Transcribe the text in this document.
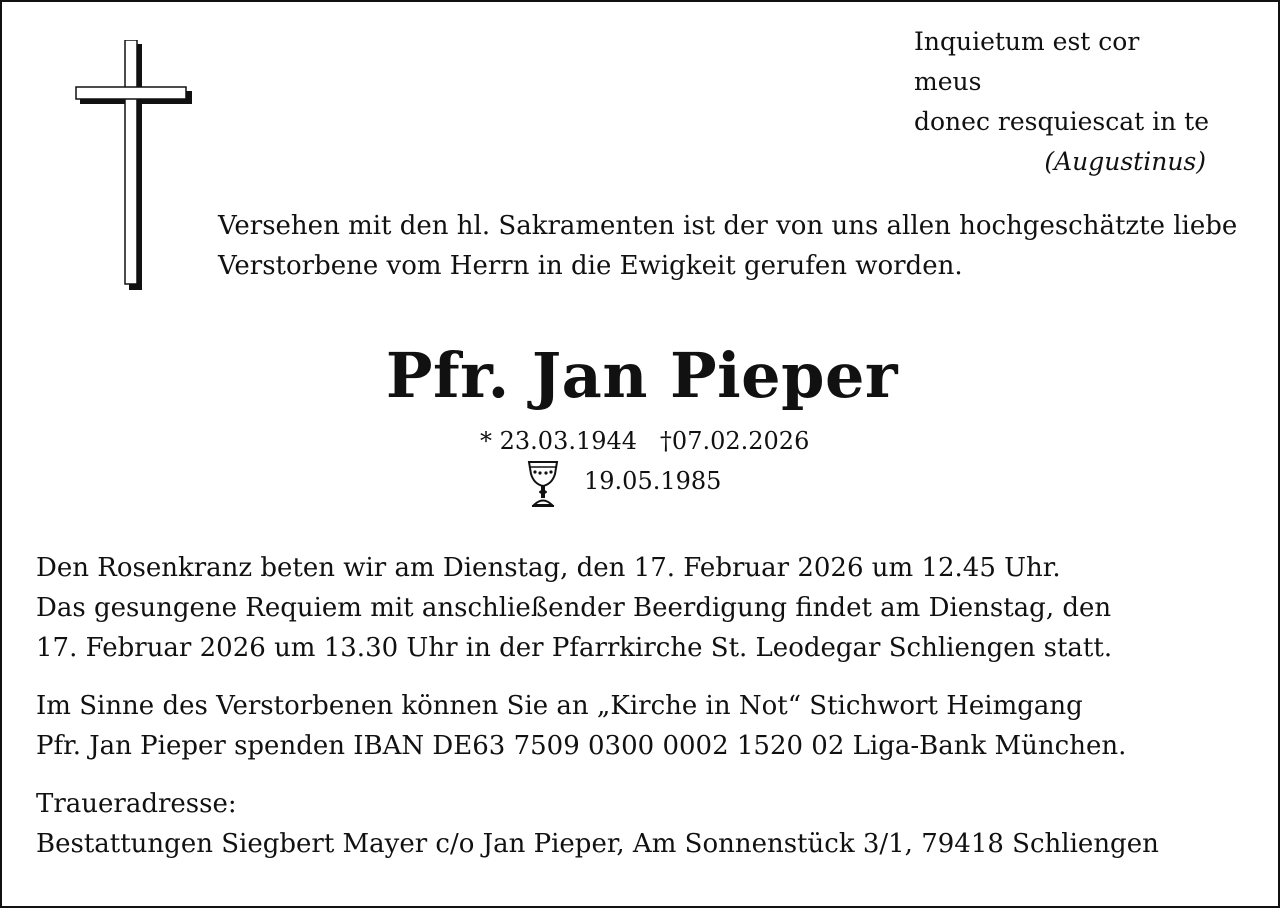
Inquietum est cor meus
donec resquiescat in te
(Augustinus)
Versehen mit den hl. Sakramenten ist der von uns allen hochgeschätzte liebe
Verstorbene vom Herrn in die Ewigkeit gerufen worden.
Pfr. Jan Pieper
* 23.03.1944   †07.02.2026
19.05.1985
Den Rosenkranz beten wir am Dienstag, den 17. Februar 2026 um 12.45 Uhr.
Das gesungene Requiem mit anschließender Beerdigung findet am Dienstag, den
17. Februar 2026 um 13.30 Uhr in der Pfarrkirche St. Leodegar Schliengen statt.
Im Sinne des Verstorbenen können Sie an „Kirche in Not“ Stichwort Heimgang
Pfr. Jan Pieper spenden IBAN DE63 7509 0300 0002 1520 02 Liga-Bank München.
Traueradresse:
Bestattungen Siegbert Mayer c/o Jan Pieper, Am Sonnenstück 3/1, 79418 Schliengen
